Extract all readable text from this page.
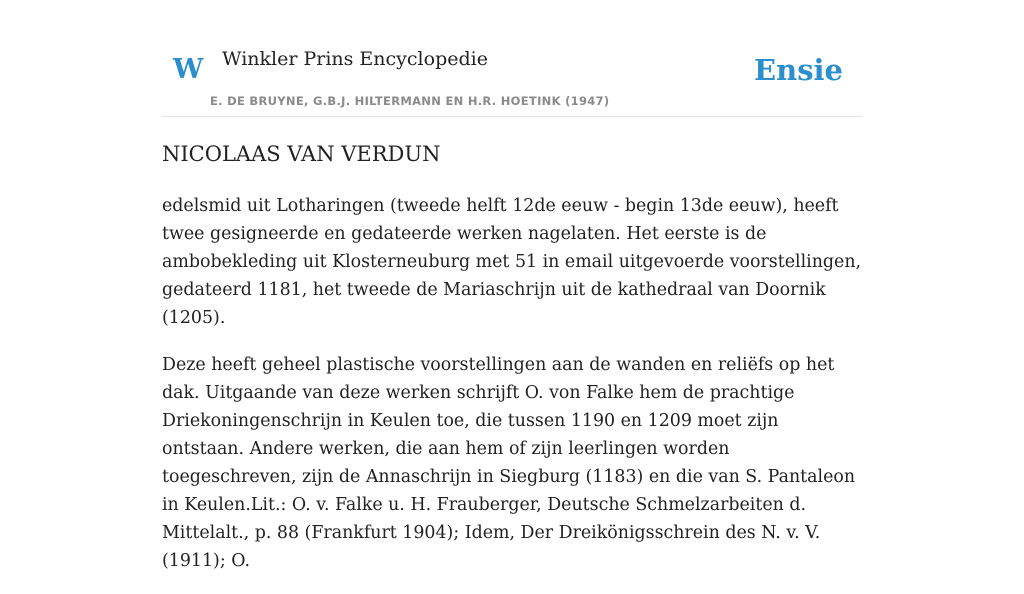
W Winkler Prins Encyclopedie	Ensie
E. DE BRUYNE, G.B.J. HILTERMANN EN H.R. HOETINK (1947)
NICOLAAS VAN VERDUN

edelsmid uit Lotharingen (tweede helft 12de eeuw - begin 13de eeuw), heeft twee gesigneerde en gedateerde werken nagelaten. Het eerste is de ambobekleding uit Klosterneuburg met 51 in email uitgevoerde voorstellingen, gedateerd 1181, het tweede de Mariaschrijn uit de kathedraal van Doornik (1205).

Deze heeft geheel plastische voorstellingen aan de wanden en reliëfs op het dak. Uitgaande van deze werken schrijft O. von Falke hem de prachtige Driekoningenschrijn in Keulen toe, die tussen 1190 en 1209 moet zijn ontstaan. Andere werken, die aan hem of zijn leerlingen worden toegeschreven, zijn de Annaschrijn in Siegburg (1183) en die van S. Pantaleon in Keulen.Lit.: O. v. Falke u. H. Frauberger, Deutsche Schmelzarbeiten d. Mittelalt., p. 88 (Frankfurt 1904); Idem, Der Dreikönigsschrein des N. v. V. (1911); O.
